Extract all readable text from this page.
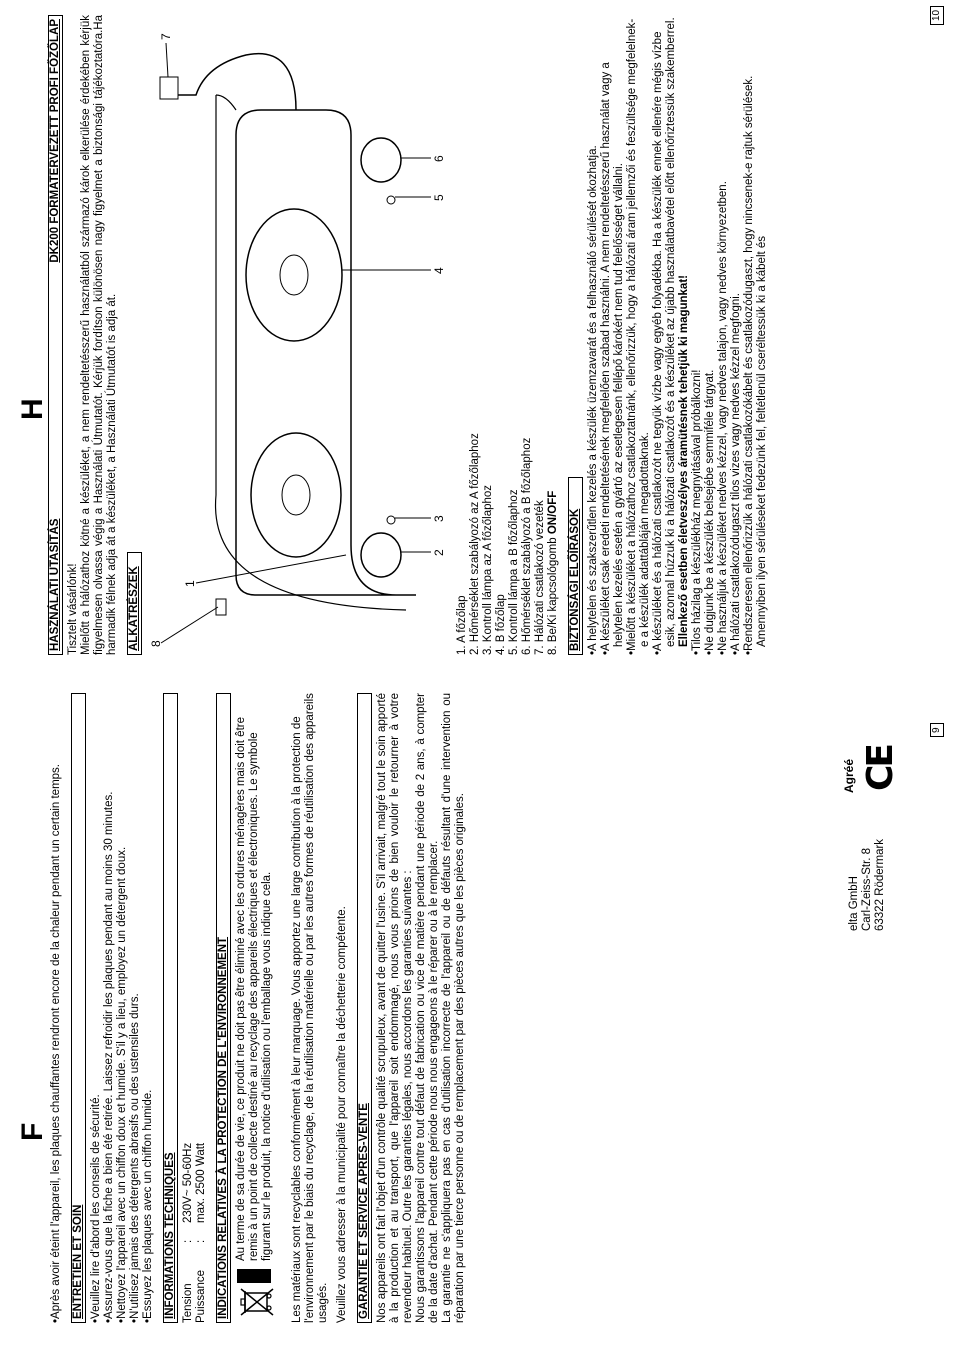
F

•Après avoir éteint l'appareil, les plaques chauffantes rendront encore de la chaleur pendant un certain temps. ENTRETIEN ET SOIN

•Veuillez lire d'abord les conseils de sécurité.

•Assurez-vous que la fiche a bien été retirée. Laissez refroidir les plaques pendant au moins 30 minutes.

•Nettoyez l'appareil avec un chiffon doux et humide. S'il y a lieu, employez un détergent doux.

•N'utilisez jamais des détergents abrasifs ou des ustensiles durs.

•Essuyez les plaques avec un chiffon humide. INFORMATIONS TECHNIQUES Tension
:
230V~ 50-60Hz
Puissance
:
max. 2500 Watt INDICATIONS RELATIVES À LA PROTECTION DE L'ENVIRONNEMENT Au terme de sa durée de vie, ce produit ne doit pas être éliminé avec les ordures ménagères mais doit être remis à un point de collecte destiné au recyclage des appareils électriques et électroniques. Le symbole figurant sur le produit, la notice d'utilisation ou l'emballage vous indique cela. Les matériaux sont recyclables conformément à leur marquage. Vous apportez une large contribution à la protection de l'environnement par le biais du recyclage, de la réutilisation matérielle ou par les autres formes de réutilisation des appareils usagés. Veuillez vous adresser à la municipalité pour connaître la déchetterie compétente. GARANTIE ET SERVICE APRES-VENTE Nos appareils ont fait l'objet d'un contrôle qualité scrupuleux, avant de quitter l'usine. S'il arrivait, malgré tout le soin apporté à la production et au transport, que l'appareil soit endommagé, nous vous prions de bien vouloir le retourner à votre revendeur habituel. Outre les garanties légales, nous accordons les garanties suivantes : Nous garantissons l'appareil contre tout défaut de fabrication ou vice de matière pendant une période de 2 ans, à compter de la date d'achat. Pendant cette période nous nous engageons à le réparer ou à le remplacer. La garantie ne s'appliquera pas en cas d'utilisation incorrecte de l'appareil ou de défauts résultant d'une intervention ou réparation par une tierce personne ou de remplacement par des pièces autres que les pièces originales.	elta GmbH Carl-Zeiss-Str. 8 63322 Rödermark
Agréé CE
9
H
HASZNÁLATI UTASÍTÁS
DK200 FORMATERVEZETT PROFI FŐZŐLAP

Tisztelt vásárlónk! Mielőtt a hálózathoz kötné a készüléket, a nem rendeltetésszerű használatból származó károk elkerülése érdekében kérjük figyelmesen olvassa végig a Használati Útmutatót. Kérjük fordítson különösen nagy figyelmet a biztonsági tájékoztatóra.Ha harmadik félnek adja át a készüléket, a Használati Útmutatót is adja át. ALKATRÉSZEK 8
1
2
3
4
5
6
7

1. A főzőlap 2. Hőmérséklet szabályozó az A főzőlaphoz 3. Kontroll lámpa az A főzőlaphoz 4. B főzőlap 5. Kontroll lámpa a B főzőlaphoz 6. Hőmérséklet szabályozó a B főzőlaphoz 7. Hálózati csatlakozó vezeték 8. Be/Ki kapcsológomb ON/OFF BIZTONSÁGI ELŐÍRÁSOK

•A helytelen és szakszerűtlen kezelés a készülék üzemzavarát és a felhasználó sérülését okozhatja.

•A készüléket csak eredeti rendeltetésének megfelelően szabad használni. A nem rendeltetésszerű használat vagy a helytelen kezelés esetén a gyártó az esetlegesen fellépő károkért nem tud felelősséget vállalni.

•Mielőtt a készüléket a hálózathoz csatlakoztatnánk, ellenőrizzük, hogy a hálózati áram jellemzői és feszültsége megfelelnek-e a készülék adattábláján megadottaknak.

•A készüléket és a hálózati csatlakozót ne tegyük vízbe vagy egyéb folyadékba. Ha a készülék ennek ellenére mégis vízbe esik, azonnal húzzuk ki a hálózati csatlakozót és a készüléket az újabb használatbavétel előtt ellenőriztessük szakemberrel. Ellenkező esetben életveszélyes áramütésnek tehetjük ki magunkat!

•Tilos házilag a készülékház megnyitásával próbálkozni!

•Ne dugjunk be a készülék belsejébe semmiféle tárgyat.

•Ne használjuk a készüléket nedves kézzel, vagy nedves talajon, vagy nedves környezetben.

•A hálózati csatlakozódugaszt tilos vizes vagy nedves kézzel megfogni.

•Rendszeresen ellenőrizzük a hálózati csatlakozókábelt és csatlakozódugaszt, hogy nincsenek-e rajtuk sérülések. Amennyiben ilyen sérüléseket fedezünk fel, feltétlenül cseréltessük ki a kábelt és

10
